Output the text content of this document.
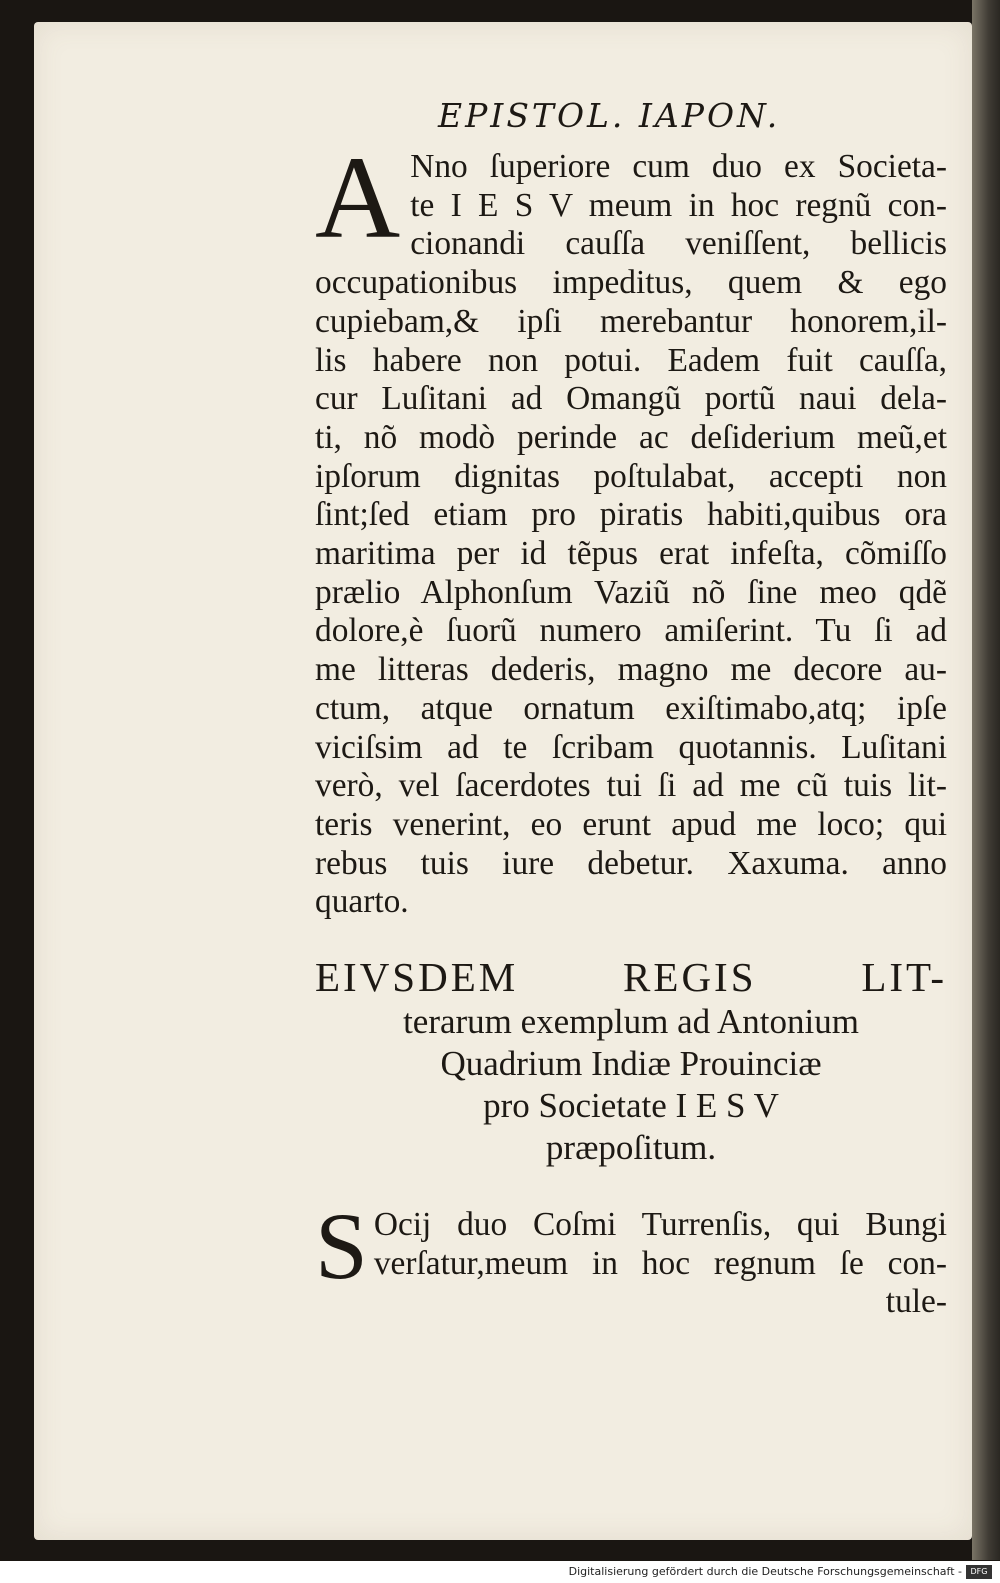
EPISTOL. IAPON.
A Nno ſuperiore cum duo ex Societa-
te I E S V meum in hoc regnũ con-
cionandi cauſſa veniſſent, bellicis
occupationibus impeditus, quem & ego
cupiebam,& ipſi merebantur honorem,il-
lis habere non potui. Eadem fuit cauſſa,
cur Luſitani ad Omangũ portũ naui dela-
ti, nõ modò perinde ac deſiderium meũ,et
ipſorum dignitas poſtulabat, accepti non
ſint;ſed etiam pro piratis habiti,quibus ora
maritima per id tẽpus erat infeſta, cõmiſſo
prælio Alphonſum Vaziũ nõ ſine meo qdẽ
dolore,è ſuorũ numero amiſerint. Tu ſi ad
me litteras dederis, magno me decore au-
ctum, atque ornatum exiſtimabo,atq; ipſe
viciſsim ad te ſcribam quotannis. Luſitani
verò, vel ſacerdotes tui ſi ad me cũ tuis lit-
teris venerint, eo erunt apud me loco; qui
rebus tuis iure debetur. Xaxuma. anno
quarto.
EIVSDEM REGIS LIT-
terarum exemplum ad Antonium
Quadrium Indiæ Prouinciæ
pro Societate I E S V
præpoſitum.
S Ocij duo Coſmi Turrenſis, qui Bungi
verſatur,meum in hoc regnum ſe con-
tule-
Digitalisierung gefördert durch die Deutsche Forschungsgemeinschaft -	DFG
